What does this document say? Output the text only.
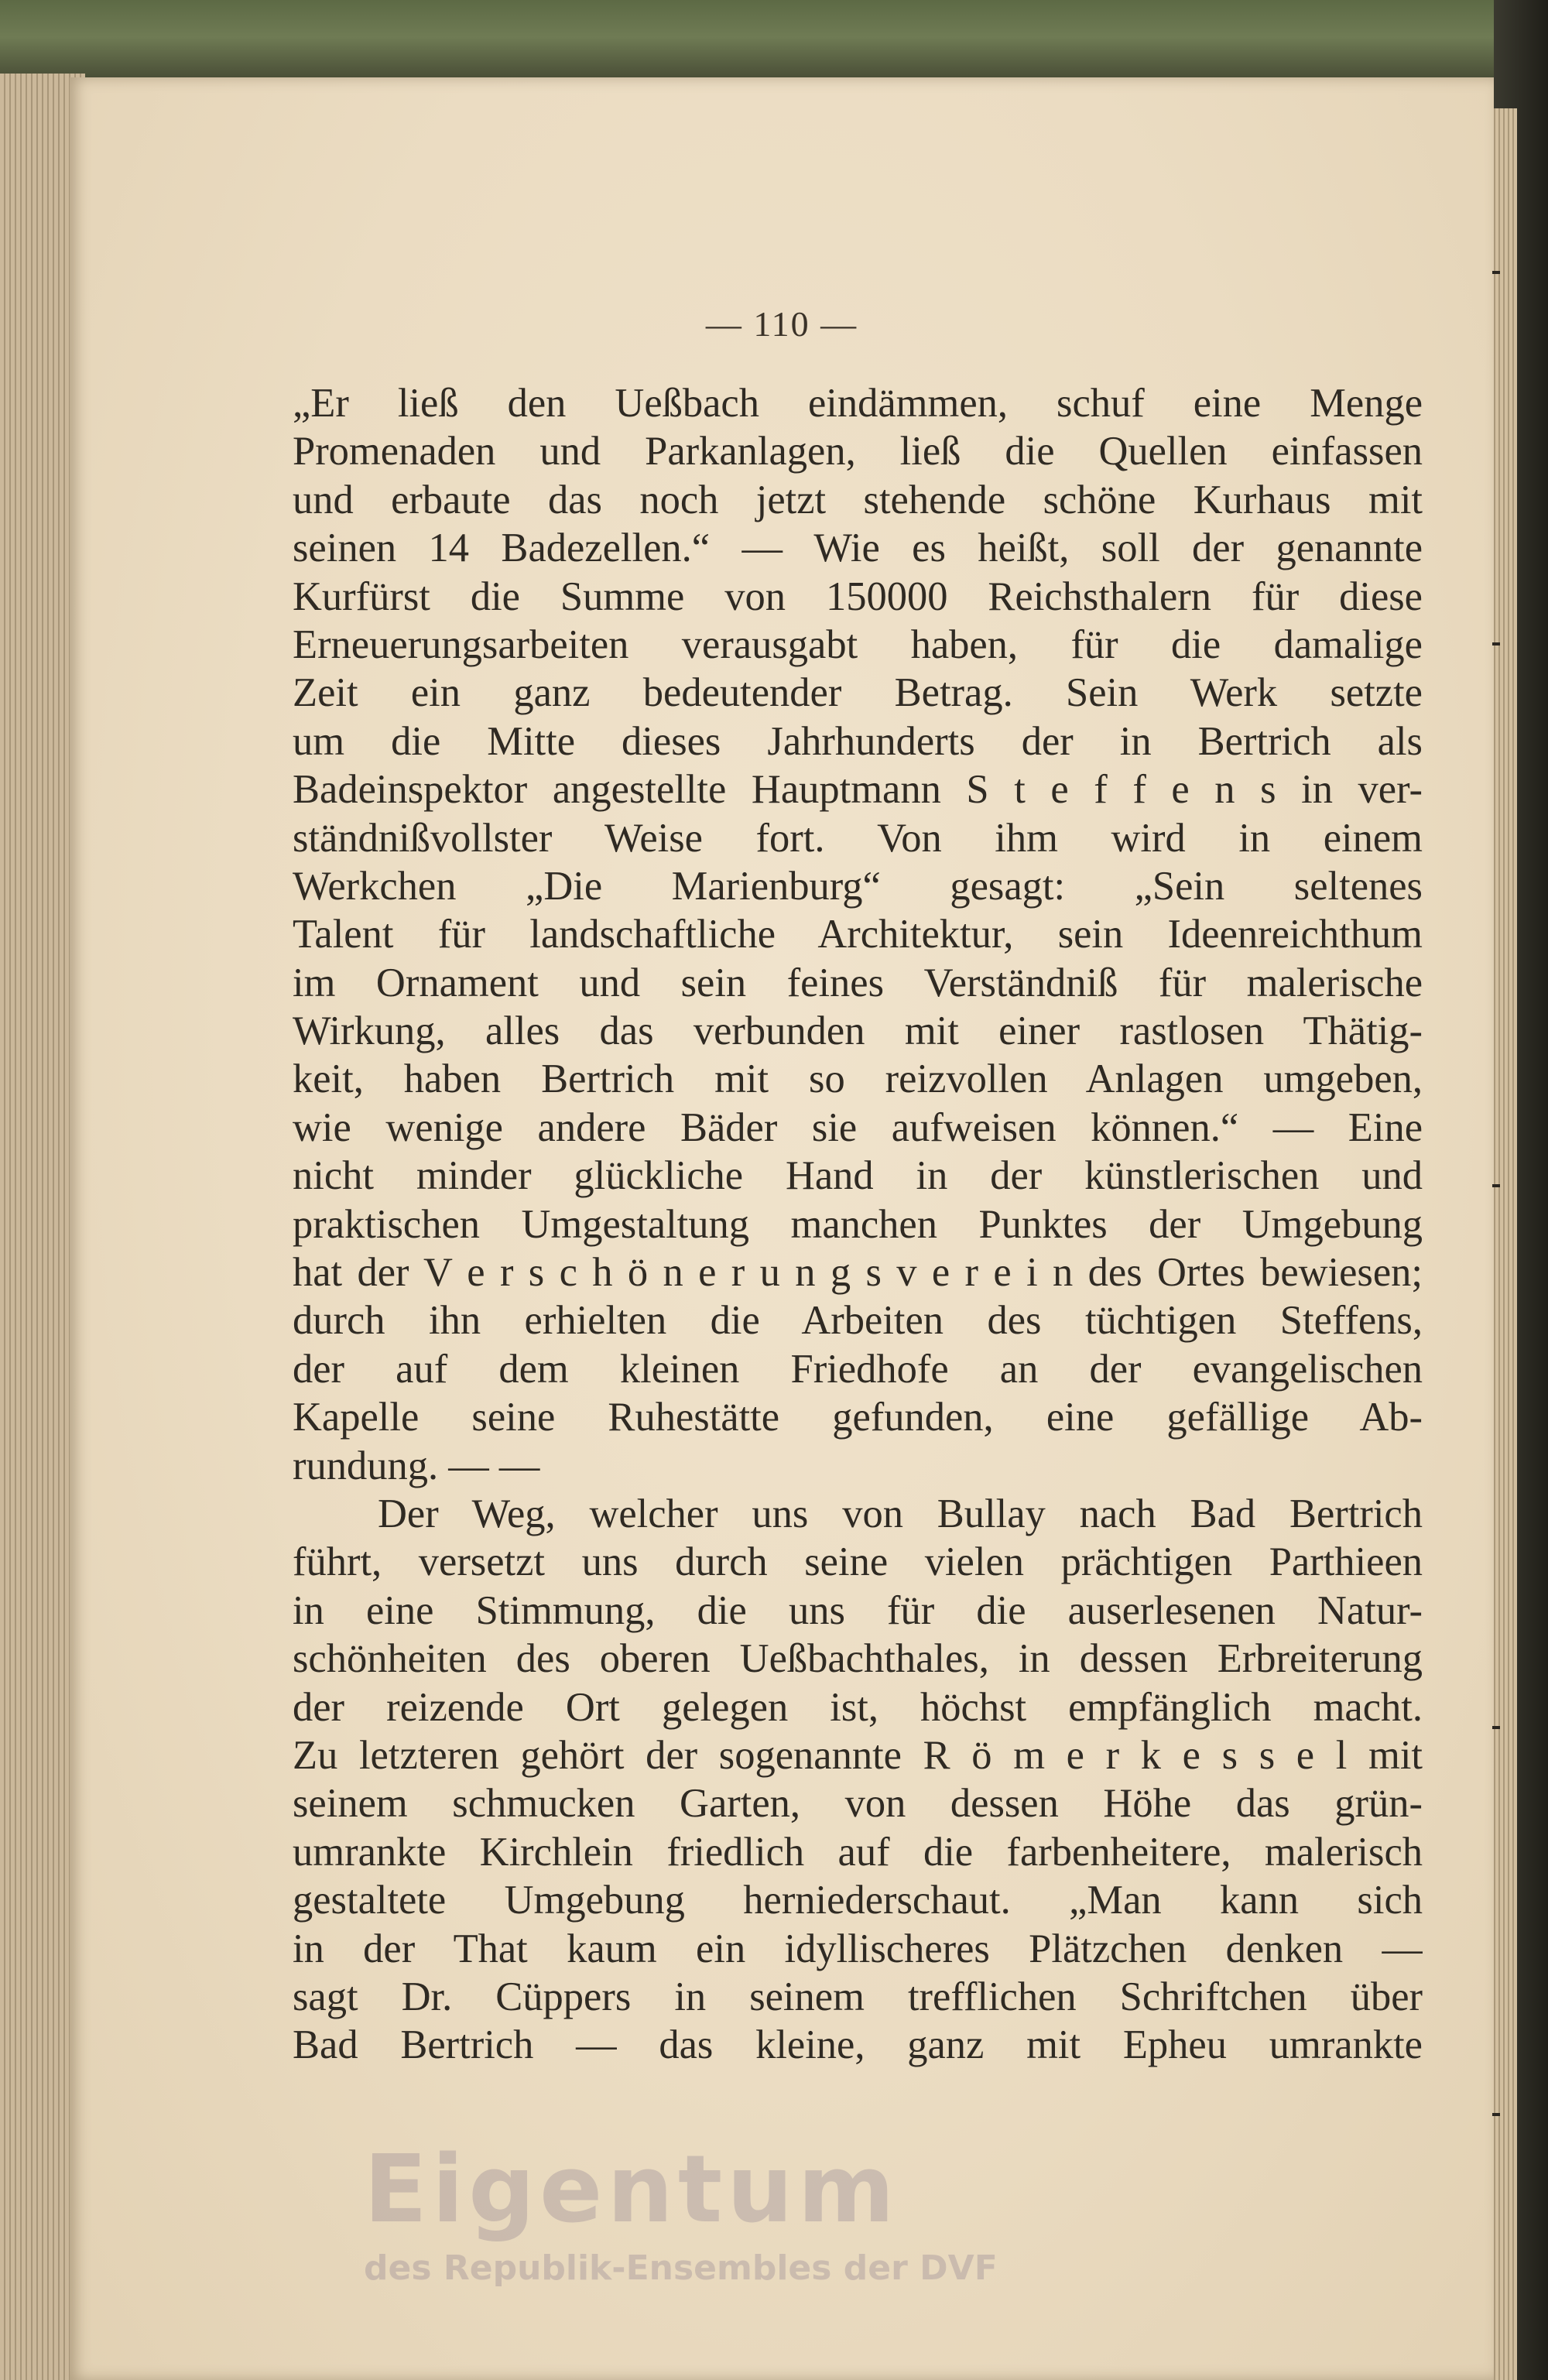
— 110 —
„Er ließ den Ueßbach eindämmen, schuf eine Menge
Promenaden und Parkanlagen, ließ die Quellen einfassen
und erbaute das noch jetzt stehende schöne Kurhaus mit
seinen 14 Badezellen.“ — Wie es heißt, soll der genannte
Kurfürst die Summe von 150000 Reichsthalern für diese
Erneuerungsarbeiten verausgabt haben, für die damalige
Zeit ein ganz bedeutender Betrag. Sein Werk setzte
um die Mitte dieses Jahrhunderts der in Bertrich als
Badeinspektor angestellte Hauptmann S t e f f e n s in ver-
ständnißvollster Weise fort. Von ihm wird in einem
Werkchen „Die Marienburg“ gesagt: „Sein seltenes
Talent für landschaftliche Architektur, sein Ideenreichthum
im Ornament und sein feines Verständniß für malerische
Wirkung, alles das verbunden mit einer rastlosen Thätig-
keit, haben Bertrich mit so reizvollen Anlagen umgeben,
wie wenige andere Bäder sie aufweisen können.“ — Eine
nicht minder glückliche Hand in der künstlerischen und
praktischen Umgestaltung manchen Punktes der Umgebung
hat der V e r s c h ö n e r u n g s v e r e i n des Ortes bewiesen;
durch ihn erhielten die Arbeiten des tüchtigen Steffens,
der auf dem kleinen Friedhofe an der evangelischen
Kapelle seine Ruhestätte gefunden, eine gefällige Ab-
rundung. — —
Der Weg, welcher uns von Bullay nach Bad Bertrich
führt, versetzt uns durch seine vielen prächtigen Parthieen
in eine Stimmung, die uns für die auserlesenen Natur-
schönheiten des oberen Ueßbachthales, in dessen Erbreiterung
der reizende Ort gelegen ist, höchst empfänglich macht.
Zu letzteren gehört der sogenannte R ö m e r k e s s e l mit
seinem schmucken Garten, von dessen Höhe das grün-
umrankte Kirchlein friedlich auf die farbenheitere, malerisch
gestaltete Umgebung herniederschaut. „Man kann sich
in der That kaum ein idyllischeres Plätzchen denken —
sagt Dr. Cüppers in seinem trefflichen Schriftchen über
Bad Bertrich — das kleine, ganz mit Epheu umrankte
Eigentum
des Republik-Ensembles der DVF
